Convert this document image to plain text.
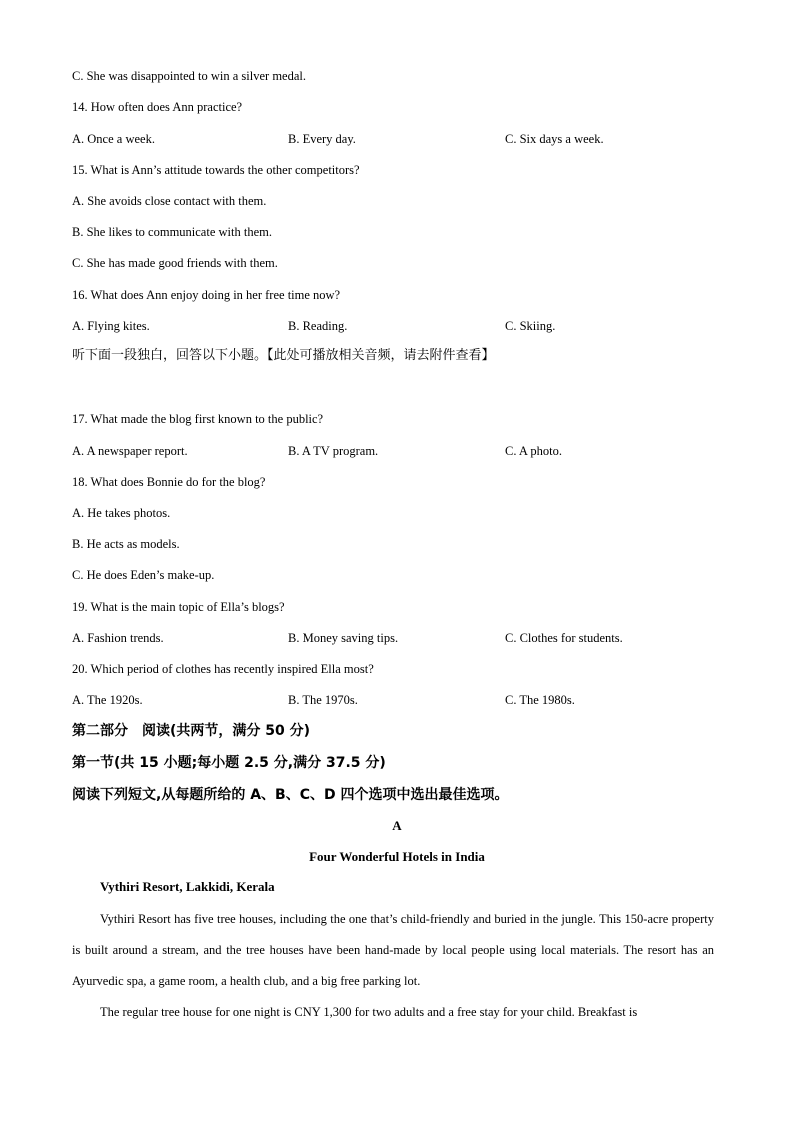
C. She was disappointed to win a silver medal.
14. How often does Ann practice?
A. Once a week.	B. Every day.	C. Six days a week.
15. What is Ann’s attitude towards the other competitors?
A. She avoids close contact with them.
B. She likes to communicate with them.
C. She has made good friends with them.
16. What does Ann enjoy doing in her free time now?
A. Flying kites.	B. Reading.	C. Skiing.
听下面一段独白，回答以下小题。【此处可播放相关音频，请去附件查看】
17. What made the blog first known to the public?
A. A newspaper report.	B. A TV program.	C. A photo.
18. What does Bonnie do for the blog?
A. He takes photos.
B. He acts as models.
C. He does Eden’s make-up.
19. What is the main topic of Ella’s blogs?
A. Fashion trends.	B. Money saving tips.	C. Clothes for students.
20. Which period of clothes has recently inspired Ella most?
A. The 1920s.	B. The 1970s.	C. The 1980s.
第二部分　阅读(共两节，满分 50 分)
第一节(共 15 小题;每小题 2.5 分,满分 37.5 分)
阅读下列短文,从每题所给的 A、B、C、D 四个选项中选出最佳选项。
A
Four Wonderful Hotels in India
Vythiri Resort, Lakkidi, Kerala
Vythiri Resort has five tree houses, including the one that’s child-friendly and buried in the jungle. This 150-acre property is built around a stream, and the tree houses have been hand-made by local people using local materials. The resort has an Ayurvedic spa, a game room, a health club, and a big free parking lot.
The regular tree house for one night is CNY 1,300 for two adults and a free stay for your child. Breakfast is
